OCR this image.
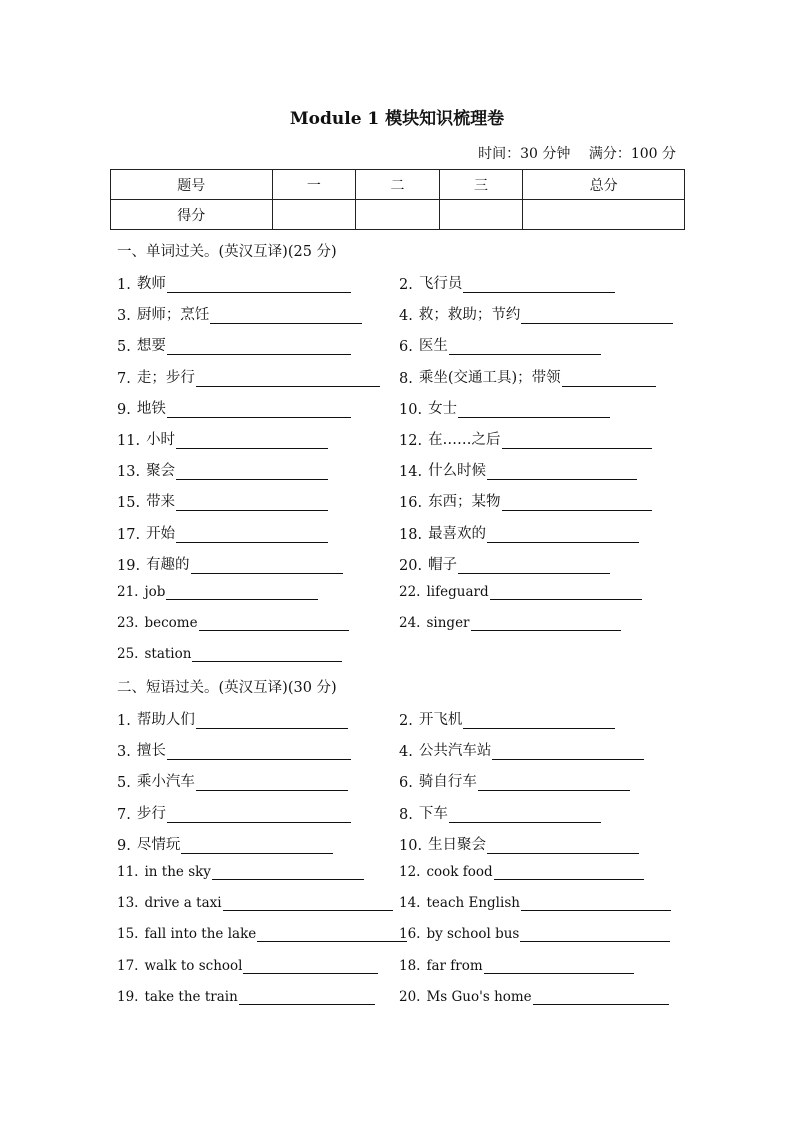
Module 1 模块知识梳理卷
时间：30 分钟 满分：100 分
题号	一	二	三	总分
得分				
一、单词过关。(英汉互译)(25 分)
1. 教师	2. 飞行员
3. 厨师；烹饪	4. 救；救助；节约
5. 想要	6. 医生
7. 走；步行	8. 乘坐(交通工具)；带领
9. 地铁	10. 女士
11. 小时	12. 在……之后
13. 聚会	14. 什么时候
15. 带来	16. 东西；某物
17. 开始	18. 最喜欢的
19. 有趣的	20. 帽子
21. job	22. lifeguard
23. become	24. singer
25. station
二、短语过关。(英汉互译)(30 分)
1. 帮助人们	2. 开飞机
3. 擅长	4. 公共汽车站
5. 乘小汽车	6. 骑自行车
7. 步行	8. 下车
9. 尽情玩	10. 生日聚会
11. in the sky	12. cook food
13. drive a taxi	14. teach English
15. fall into the lake	16. by school bus
17. walk to school	18. far from
19. take the train	20. Ms Guo's home
